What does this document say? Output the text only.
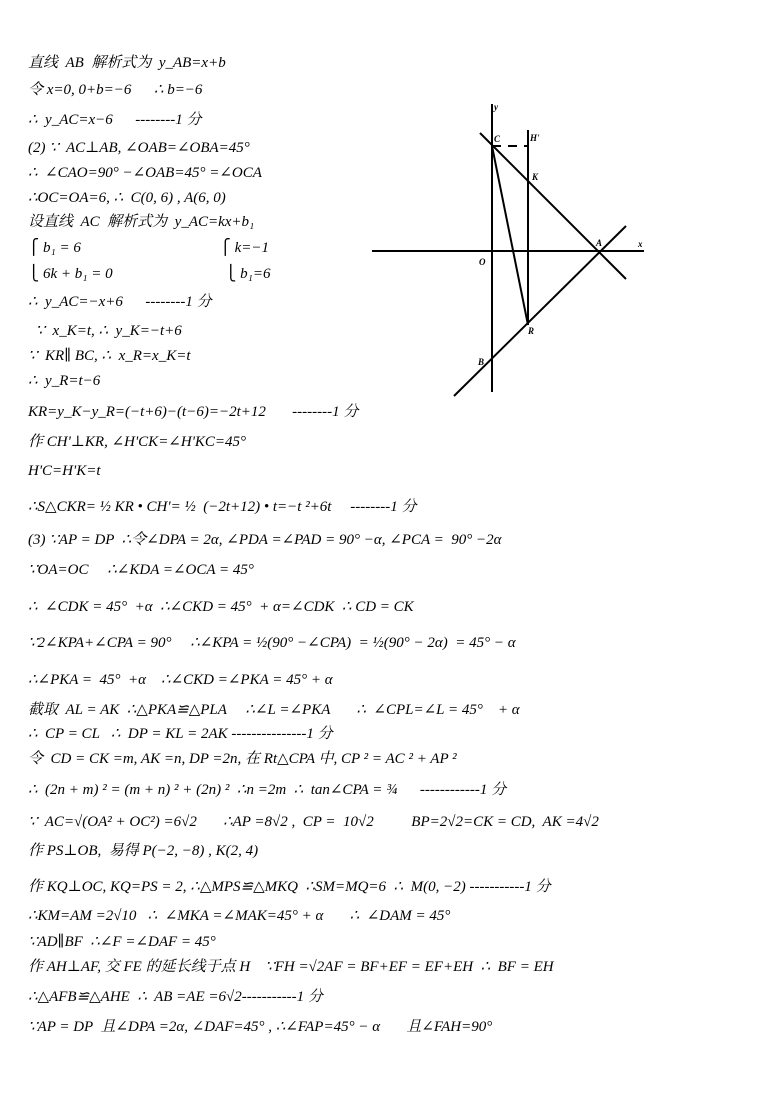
直线  AB  解析式为  y_AB=x+b
令 x=0, 0+b=−6      ∴ b=−6
∴  y_AC=x−6      --------1 分
(2) ∵  AC⊥AB, ∠OAB=∠OBA=45°
∴  ∠CAO=90° −∠OAB=45° =∠OCA
∴OC=OA=6, ∴  C(0, 6) , A(6, 0)
设直线  AC  解析式为  y_AC=kx+b₁
⎧ b₁ = 6                                     ⎧ k=−1
⎩ 6k + b₁ = 0                              ⎩ b₁=6
∴  y_AC=−x+6      --------1 分
∵  x_K=t, ∴  y_K=−t+6
∵  KR∥ BC, ∴  x_R=x_K=t
∴  y_R=t−6
KR=y_K−y_R=(−t+6)−(t−6)=−2t+12       --------1 分
作 CH'⊥KR, ∠H'CK=∠H'KC=45°
H'C=H'K=t
∴S△CKR= ½ KR • CH'= ½  (−2t+12) • t=−t ²+6t     --------1 分
(3) ∵AP = DP  ∴令∠DPA = 2α, ∠PDA =∠PAD = 90° −α, ∠PCA =  90° −2α
∵OA=OC     ∴∠KDA =∠OCA = 45°
∴  ∠CDK = 45°  +α  ∴∠CKD = 45°  + α=∠CDK  ∴ CD = CK
∵2∠KPA+∠CPA = 90°     ∴∠KPA = ½(90° −∠CPA)  = ½(90° − 2α)  = 45° − α
∴∠PKA =  45°  +α    ∴∠CKD =∠PKA = 45° + α
截取  AL = AK  ∴△PKA≌△PLA     ∴∠L =∠PKA       ∴  ∠CPL=∠L = 45°    + α
∴  CP = CL   ∴  DP = KL = 2AK ---------------1 分
令  CD = CK =m, AK =n, DP =2n, 在 Rt△CPA 中, CP ² = AC ² + AP ²
∴  (2n + m) ² = (m + n) ² + (2n) ²  ∴n =2m  ∴  tan∠CPA = ¾      ------------1 分
∵  AC=√(OA² + OC²) =6√2       ∴AP =8√2 ,  CP =  10√2          BP=2√2=CK = CD,  AK =4√2
作 PS⊥OB,  易得 P(−2, −8) , K(2, 4)
作 KQ⊥OC, KQ=PS = 2, ∴△MPS≌△MKQ  ∴SM=MQ=6  ∴  M(0, −2) -----------1 分
∴KM=AM =2√10   ∴  ∠MKA =∠MAK=45° + α       ∴  ∠DAM = 45°
∵AD∥BF  ∴∠F =∠DAF = 45°
作 AH⊥AF, 交 FE 的延长线于点 H    ∵FH =√2AF = BF+EF = EF+EH  ∴  BF = EH
∴△AFB≌△AHE  ∴  AB =AE =6√2-----------1 分
∵AP = DP  且∠DPA =2α, ∠DAF=45° , ∴∠FAP=45° − α       且∠FAH=90°
y
x
C	H'
K
A
O
R
B
